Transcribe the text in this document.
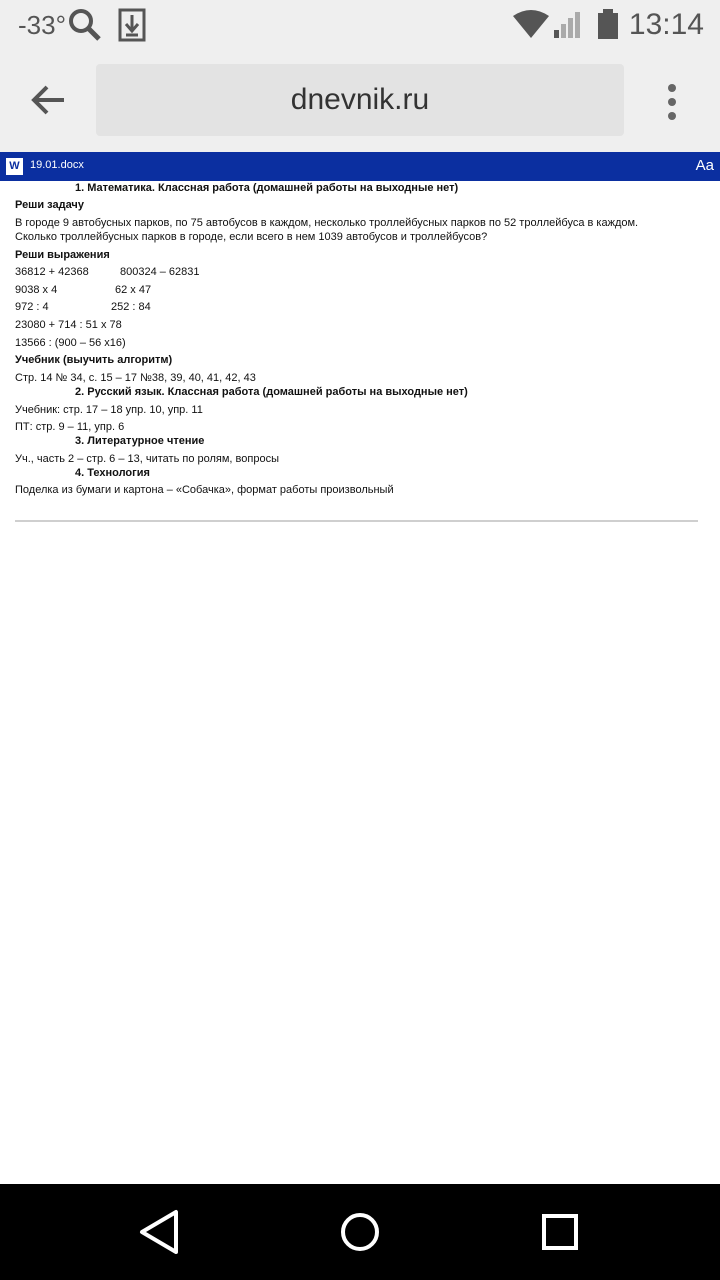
-33°	13:14
dnevnik.ru
W 19.01.docx	Aa
1. Математика. Классная работа (домашней работы на выходные нет)
Реши задачу
В городе 9 автобусных парков, по 75 автобусов в каждом, несколько троллейбусных парков по 52 троллейбуса в каждом.
Сколько троллейбусных парков в городе, если всего в нем 1039 автобусов и троллейбусов?
Реши выражения
36812 + 42368	800324 – 62831
9038 х 4	62 х 47
972 : 4	252 : 84
23080 + 714 : 51 х 78
13566 : (900 – 56 х16)
Учебник (выучить алгоритм)
Стр. 14 № 34, с. 15 – 17 №38, 39, 40, 41, 42, 43
2. Русский язык. Классная работа (домашней работы на выходные нет)
Учебник: стр. 17 – 18 упр. 10, упр. 11
ПТ: стр. 9 – 11, упр. 6
3. Литературное чтение
Уч., часть 2 – стр. 6 – 13, читать по ролям, вопросы
4. Технология
Поделка из бумаги и картона – «Собачка», формат работы произвольный
